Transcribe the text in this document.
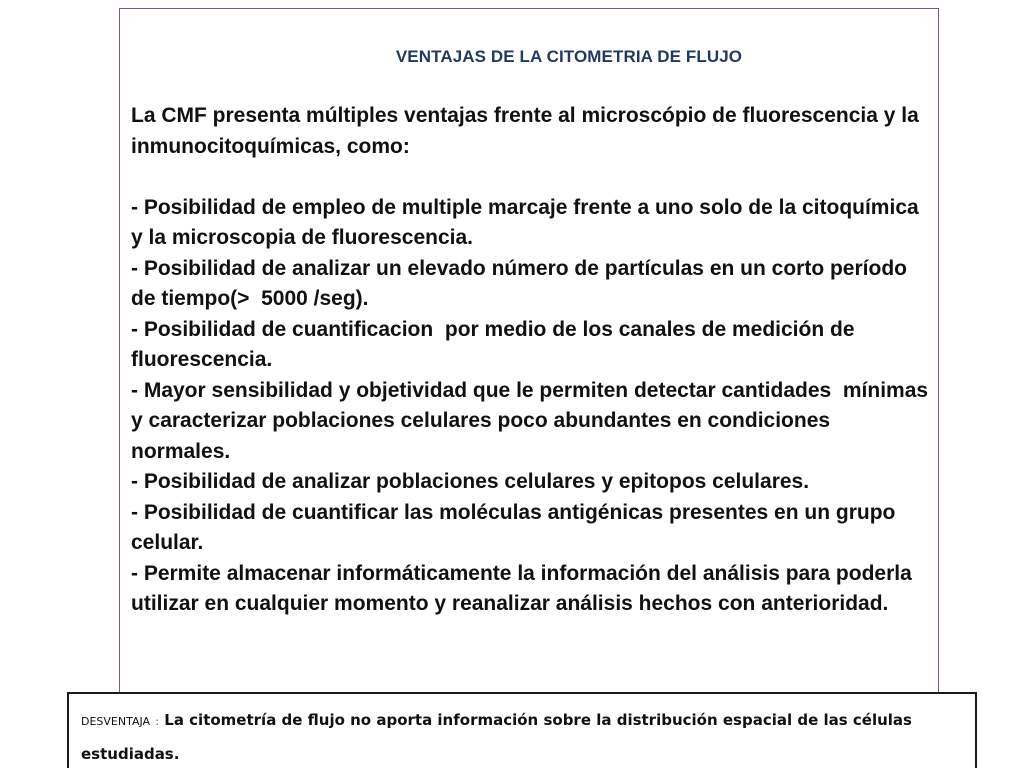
VENTAJAS DE LA CITOMETRIA DE FLUJO

La CMF presenta múltiples ventajas frente al microscópio de fluorescencia y la inmunocitoquímicas, como:

- Posibilidad de empleo de multiple marcaje frente a uno solo de la citoquímica y la microscopia de fluorescencia.

- Posibilidad de analizar un elevado número de partículas en un corto período de tiempo(>  5000 /seg).

- Posibilidad de cuantificacion  por medio de los canales de medición de  fluorescencia.

- Mayor sensibilidad y objetividad que le permiten detectar cantidades  mínimas  y caracterizar poblaciones celulares poco abundantes en condiciones normales.

- Posibilidad de analizar poblaciones celulares y epitopos celulares.

- Posibilidad de cuantificar las moléculas antigénicas presentes en un grupo celular.

- Permite almacenar informáticamente la información del análisis para poderla utilizar en cualquier momento y reanalizar análisis hechos con anterioridad.

DESVENTAJA : La citometría de flujo no aporta información sobre la distribución espacial de las células estudiadas.
